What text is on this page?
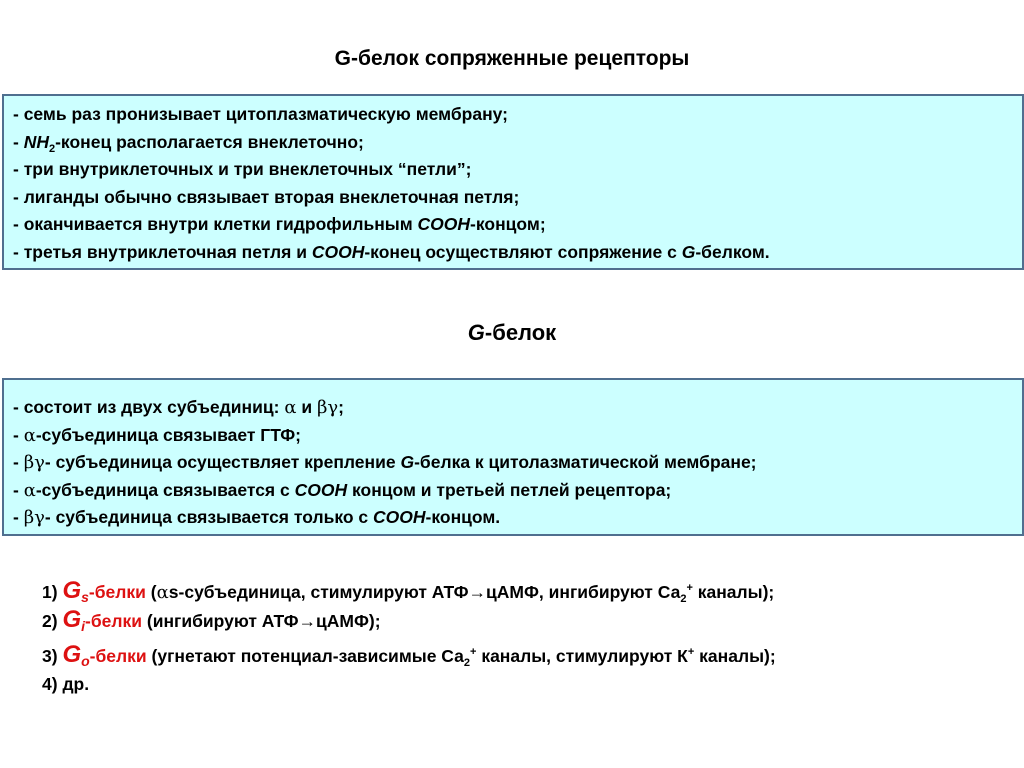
G-белок сопряженные рецепторы
- семь раз пронизывает цитоплазматическую мембрану;
- $NH_2$-конец располагается внеклеточно;
- три внутриклеточных и три внеклеточных “петли”;
- лиганды обычно связывает вторая внеклеточная петля;
- оканчивается внутри клетки гидрофильным СООН-концом;
- третья внутриклеточная петля и СООН-конец осуществляют сопряжение с G-белком.
G-белок
- состоит из двух субъединиц: α и βγ;
- α-субъединица связывает ГТФ;
- βγ- субъединица осуществляет крепление G-белка к цитолазматической мембране;
- α-субъединица связывается с СООН концом и третьей петлей рецептора;
- βγ- субъединица связывается только с СООН-концом.
1) $G_s$-белки (αs-субъединица, стимулируют АТФ→цАМФ, ингибируют $Са_2^+$ каналы);
2) $G_i$-белки (ингибируют АТФ→цАМФ);
3) $G_o$-белки (угнетают потенциал-зависимые $Са_2^+$ каналы, стимулируют К+ каналы);
4) др.
